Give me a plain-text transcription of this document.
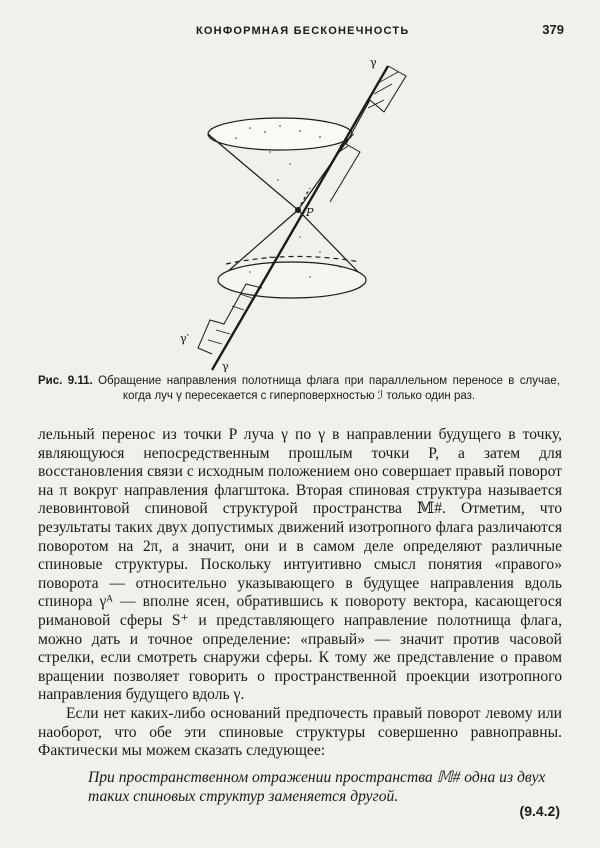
КОНФОРМНАЯ БЕСКОНЕЧНОСТЬ	379
γ
P
γ′
γ
Рис. 9.11. Обращение направления полотнища флага при параллельном переносе в случае, когда луч γ пересекается с гиперповерхностью ℐ только один раз.

лельный перенос из точки P луча γ по γ в направлении будущего в точку, являющуюся непосредственным прошлым точки P, а затем для восстановления связи с исходным положением оно совершает правый поворот на π вокруг направления флагштока. Вторая спиновая структура называется левовинтовой спиновой структурой пространства 𝕄#. Отметим, что результаты таких двух допустимых движений изотропного флага различаются поворотом на 2π, а значит, они и в самом деле определяют различные спиновые структуры. Поскольку интуитивно смысл понятия «правого» поворота — относительно указывающего в будущее направления вдоль спинора γᴬ — вполне ясен, обратившись к повороту вектора, касающегося римановой сферы S⁺ и представляющего направление полотнища флага, можно дать и точное определение: «правый» — значит против часовой стрелки, если смотреть снаружи сферы. К тому же представление о правом вращении позволяет говорить о пространственной проекции изотропного направления будущего вдоль γ.

Если нет каких-либо оснований предпочесть правый поворот левому или наоборот, что обе эти спиновые структуры совершенно равноправны. Фактически мы можем сказать следующее:

При пространственном отражении пространства 𝕄# одна из двух таких спиновых структур заменяется другой.
(9.4.2)
